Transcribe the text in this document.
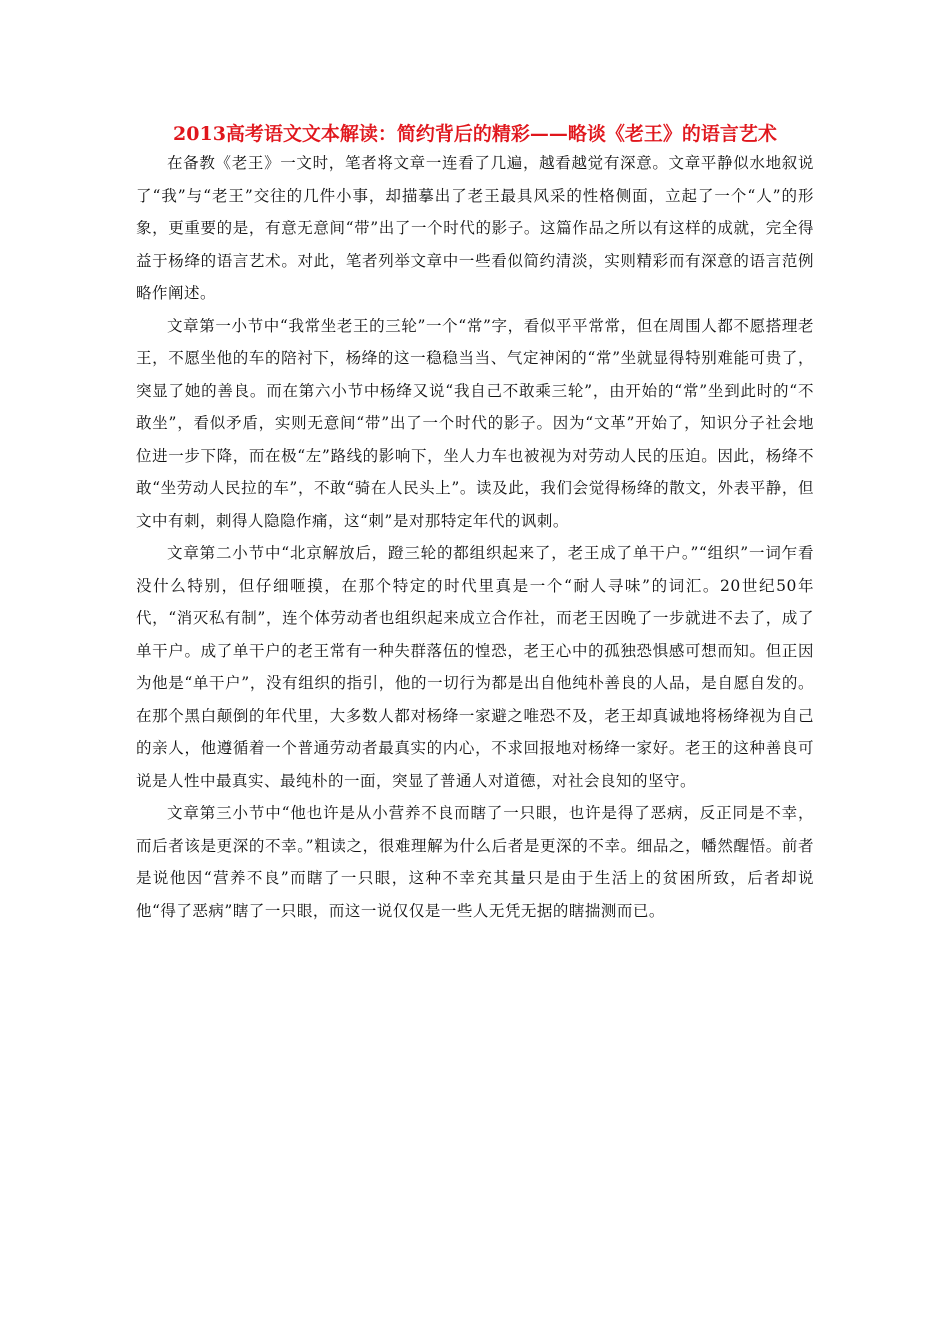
2013高考语文文本解读：简约背后的精彩——略谈《老王》的语言艺术

在备教《老王》一文时，笔者将文章一连看了几遍，越看越觉有深意。文章平静似水地叙说了“我”与“老王”交往的几件小事，却描摹出了老王最具风采的性格侧面，立起了一个“人”的形象，更重要的是，有意无意间“带”出了一个时代的影子。这篇作品之所以有这样的成就，完全得益于杨绛的语言艺术。对此，笔者列举文章中一些看似简约清淡，实则精彩而有深意的语言范例略作阐述。

文章第一小节中“我常坐老王的三轮”一个“常”字，看似平平常常，但在周围人都不愿搭理老王，不愿坐他的车的陪衬下，杨绛的这一稳稳当当、气定神闲的“常”坐就显得特别难能可贵了，突显了她的善良。而在第六小节中杨绛又说“我自己不敢乘三轮”，由开始的“常”坐到此时的“不敢坐”，看似矛盾，实则无意间“带”出了一个时代的影子。因为“文革”开始了，知识分子社会地位进一步下降，而在极“左”路线的影响下，坐人力车也被视为对劳动人民的压迫。因此，杨绛不敢“坐劳动人民拉的车”，不敢“骑在人民头上”。读及此，我们会觉得杨绛的散文，外表平静，但文中有刺，刺得人隐隐作痛，这“刺”是对那特定年代的讽刺。

文章第二小节中“北京解放后，蹬三轮的都组织起来了，老王成了单干户。”“组织”一词乍看没什么特别，但仔细咂摸，在那个特定的时代里真是一个“耐人寻味”的词汇。20世纪50年代，“消灭私有制”，连个体劳动者也组织起来成立合作社，而老王因晚了一步就进不去了，成了单干户。成了单干户的老王常有一种失群落伍的惶恐，老王心中的孤独恐惧感可想而知。但正因为他是“单干户”，没有组织的指引，他的一切行为都是出自他纯朴善良的人品，是自愿自发的。在那个黑白颠倒的年代里，大多数人都对杨绛一家避之唯恐不及，老王却真诚地将杨绛视为自己的亲人，他遵循着一个普通劳动者最真实的内心，不求回报地对杨绛一家好。老王的这种善良可说是人性中最真实、最纯朴的一面，突显了普通人对道德，对社会良知的坚守。

文章第三小节中“他也许是从小营养不良而瞎了一只眼，也许是得了恶病，反正同是不幸，而后者该是更深的不幸。”粗读之，很难理解为什么后者是更深的不幸。细品之，幡然醒悟。前者是说他因“营养不良”而瞎了一只眼，这种不幸充其量只是由于生活上的贫困所致，后者却说他“得了恶病”瞎了一只眼，而这一说仅仅是一些人无凭无据的瞎揣测而已。
